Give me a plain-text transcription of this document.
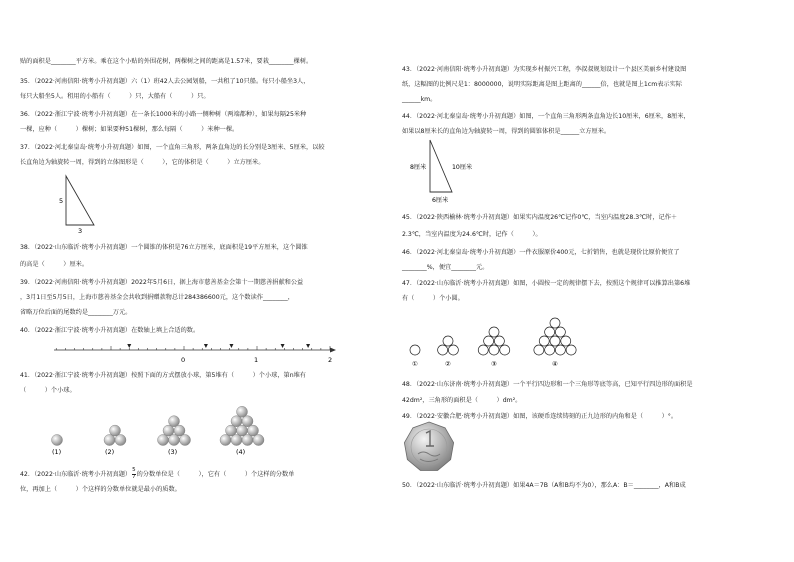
贴的面积是________平方米。乘在这个小贴的外围花树，两棵树之间的距离是1.57米，要栽________棵树。
35．（2022·河南信阳·统考小升初真题）六（1）班42人去公园划船，一共租了10只船。每只小船坐3人，
每只大船坐5人。租用的小船有（　　　）只，大船有（　　　）只。
36．（2022·浙江宁波·统考小升初真题）在一条长1000米的小路一侧种树（两端都种），如果每隔25米种
一棵，应种（　　　）棵树；如果要种51棵树，那么每隔（　　　）米种一棵。
37．（2022·河北秦皇岛·统考小升初真题）如图，一个直角三角形，两条直角边的长分别是3厘米、5厘米，以较
长直角边为轴旋转一周，得到的立体图形是（　　　），它的体积是（　　　）立方厘米。
5
3
38．（2022·山东临沂·统考小升初真题）一个圆锥的体积是76立方厘米，底面积是19平方厘米，这个圆锥
的高是（　　　）厘米。
39．（2022·河南信阳·统考小升初真题）2022年5月6日，据上海市慈善基金会第十一期慈善捐献和公益
，3月1日至5月5日，上海市慈善基金会共收到捐赠款物总计284386600元，这个数读作________，
省略万位后面的尾数约是________万元。
40．（2022·浙江宁波·统考小升初真题）在数轴上填上合适的数。
0	1	2
41．（2022·浙江宁波·统考小升初真题）按照下面的方式摆放小球，第5堆有（　　　）个小球，第n堆有
（　　　）个小球。
(1)	(2)	(3)	(4)
42．（2022·山东临沂·统考小升初真题） $\frac{5}{7}$ 的分数单位是（　　　），它有（　　　）个这样的分数单
位，再加上（　　　）个这样的分数单位就是最小的质数。
43．（2022·河南信阳·统考小升初真题）为实现乡村振兴工程，李叔叔规划设计一个县区美丽乡村建设图
纸，这幅图的比例尺是1：8000000，说明实际距离是图上距离的______倍，也就是图上1cm表示实际
______km。
44．（2022·河北秦皇岛·统考小升初真题）如图，一个直角三角形两条直角边长10厘米，6厘米，8厘米，
如果以8厘米长的直角边为轴旋转一周，得到的圆锥体积是______立方厘米。
8厘米	10厘米
6厘米
45．（2022·陕西榆林·统考小升初真题）如果实内温度26℃记作0℃，当室内温度28.3℃时，记作＋
2.3℃，当室内温度为24.6℃时，记作（　　　）。
46．（2022·河北秦皇岛·统考小升初真题）一件衣服原价400元，七折销售，也就是现价比原价便宜了
________%，便宜________元。
47．（2022·山东临沂·统考小升初真题）如图，小圆按一定的规律摆下去，按照这个规律可以推算出第6堆
有（　　　）个小圆。
①	②	③	④
48．（2022·山东济南·统考小升初真题）一个平行四边形和一个三角形等底等高，已知平行四边形的面积是
42dm²，三角形的面积是（　　　）dm²。
49．（2022·安徽合肥·统考小升初真题）如图，该硬币连续铸刻的正九边形的内角和是（　　　）°。
50．（2022·山东临沂·统考小升初真题）如果4A＝7B（A和B均不为0），那么A：B＝________，A和B成
